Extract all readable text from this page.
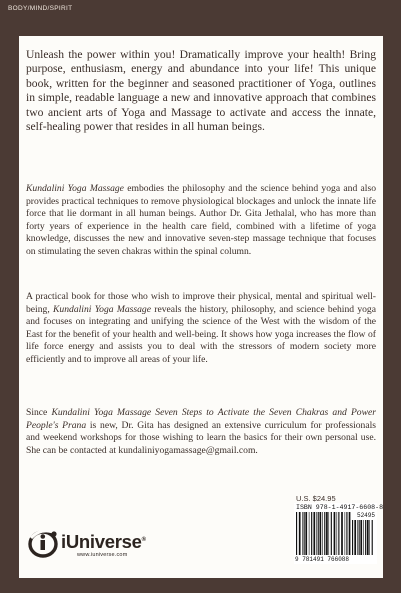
BODY/MIND/SPIRIT

Unleash the power within you! Dramatically improve your health! Bring purpose, enthusiasm, energy and abundance into your life! This unique book, written for the beginner and seasoned practitioner of Yoga, outlines in simple, readable language a new and innovative approach that combines two ancient arts of Yoga and Massage to activate and access the innate, self-healing power that resides in all human beings.

Kundalini Yoga Massage embodies the philosophy and the science behind yoga and also provides practical techniques to remove physiological blockages and unlock the innate life force that lie dormant in all human beings. Author Dr. Gita Jethalal, who has more than forty years of experience in the health care field, combined with a lifetime of yoga knowledge, discusses the new and innovative seven-step massage technique that focuses on stimulating the seven chakras within the spinal column.

A practical book for those who wish to improve their physical, mental and spiritual well-being, Kundalini Yoga Massage reveals the history, philosophy, and science behind yoga and focuses on integrating and unifying the science of the West with the wisdom of the East for the benefit of your health and well-being. It shows how yoga increases the flow of life force energy and assists you to deal with the stressors of modern society more efficiently and to improve all areas of your life.

Since Kundalini Yoga Massage Seven Steps to Activate the Seven Chakras and Power People's Prana is new, Dr. Gita has designed an extensive curriculum for professionals and weekend workshops for those wishing to learn the basics for their own personal use. She can be contacted at kundaliniyogamassage@gmail.com.

U.S. $24.95
ISBN 978-1-4917-6608-8
52495
9 781491 766088
iUniverse®
www.iuniverse.com
